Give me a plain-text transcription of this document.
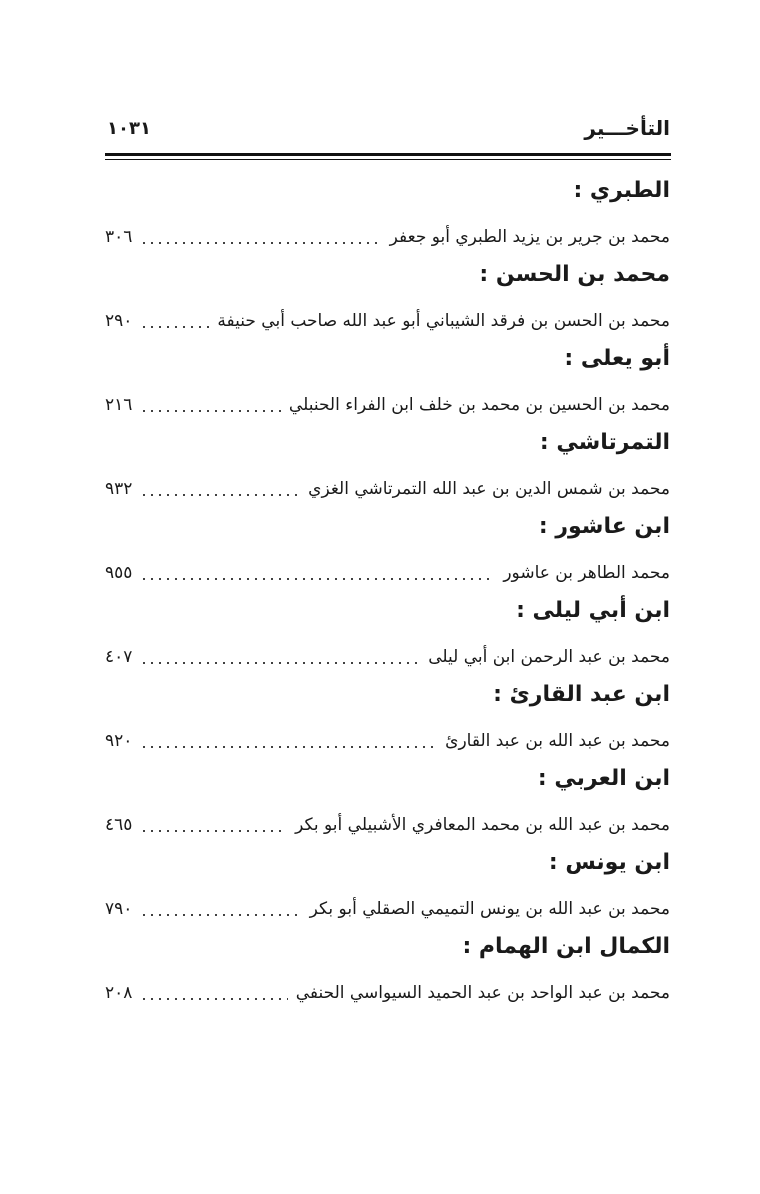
التأخـــير
١٠٣١
الطبري :
محمد بن جرير بن يزيد الطبري أبو جعفر
٣٠٦
محمد بن الحسن :
محمد بن الحسن بن فرقد الشيباني أبو عبد الله صاحب أبي حنيفة
٢٩٠
أبو يعلى :
محمد بن الحسين بن محمد بن خلف ابن الفراء الحنبلي
٢١٦
التمرتاشي :
محمد بن شمس الدين بن عبد الله التمرتاشي الغزي
٩٣٢
ابن عاشور :
محمد الطاهر بن عاشور
٩٥٥
ابن أبي ليلى :
محمد بن عبد الرحمن ابن أبي ليلى
٤٠٧
ابن عبد القارئ :
محمد بن عبد الله بن عبد القارئ
٩٢٠
ابن العربي :
محمد بن عبد الله بن محمد المعافري الأشبيلي أبو بكر
٤٦٥
ابن يونس :
محمد بن عبد الله بن يونس التميمي الصقلي أبو بكر
٧٩٠
الكمال ابن الهمام :
محمد بن عبد الواحد بن عبد الحميد السيواسي الحنفي
٢٠٨
